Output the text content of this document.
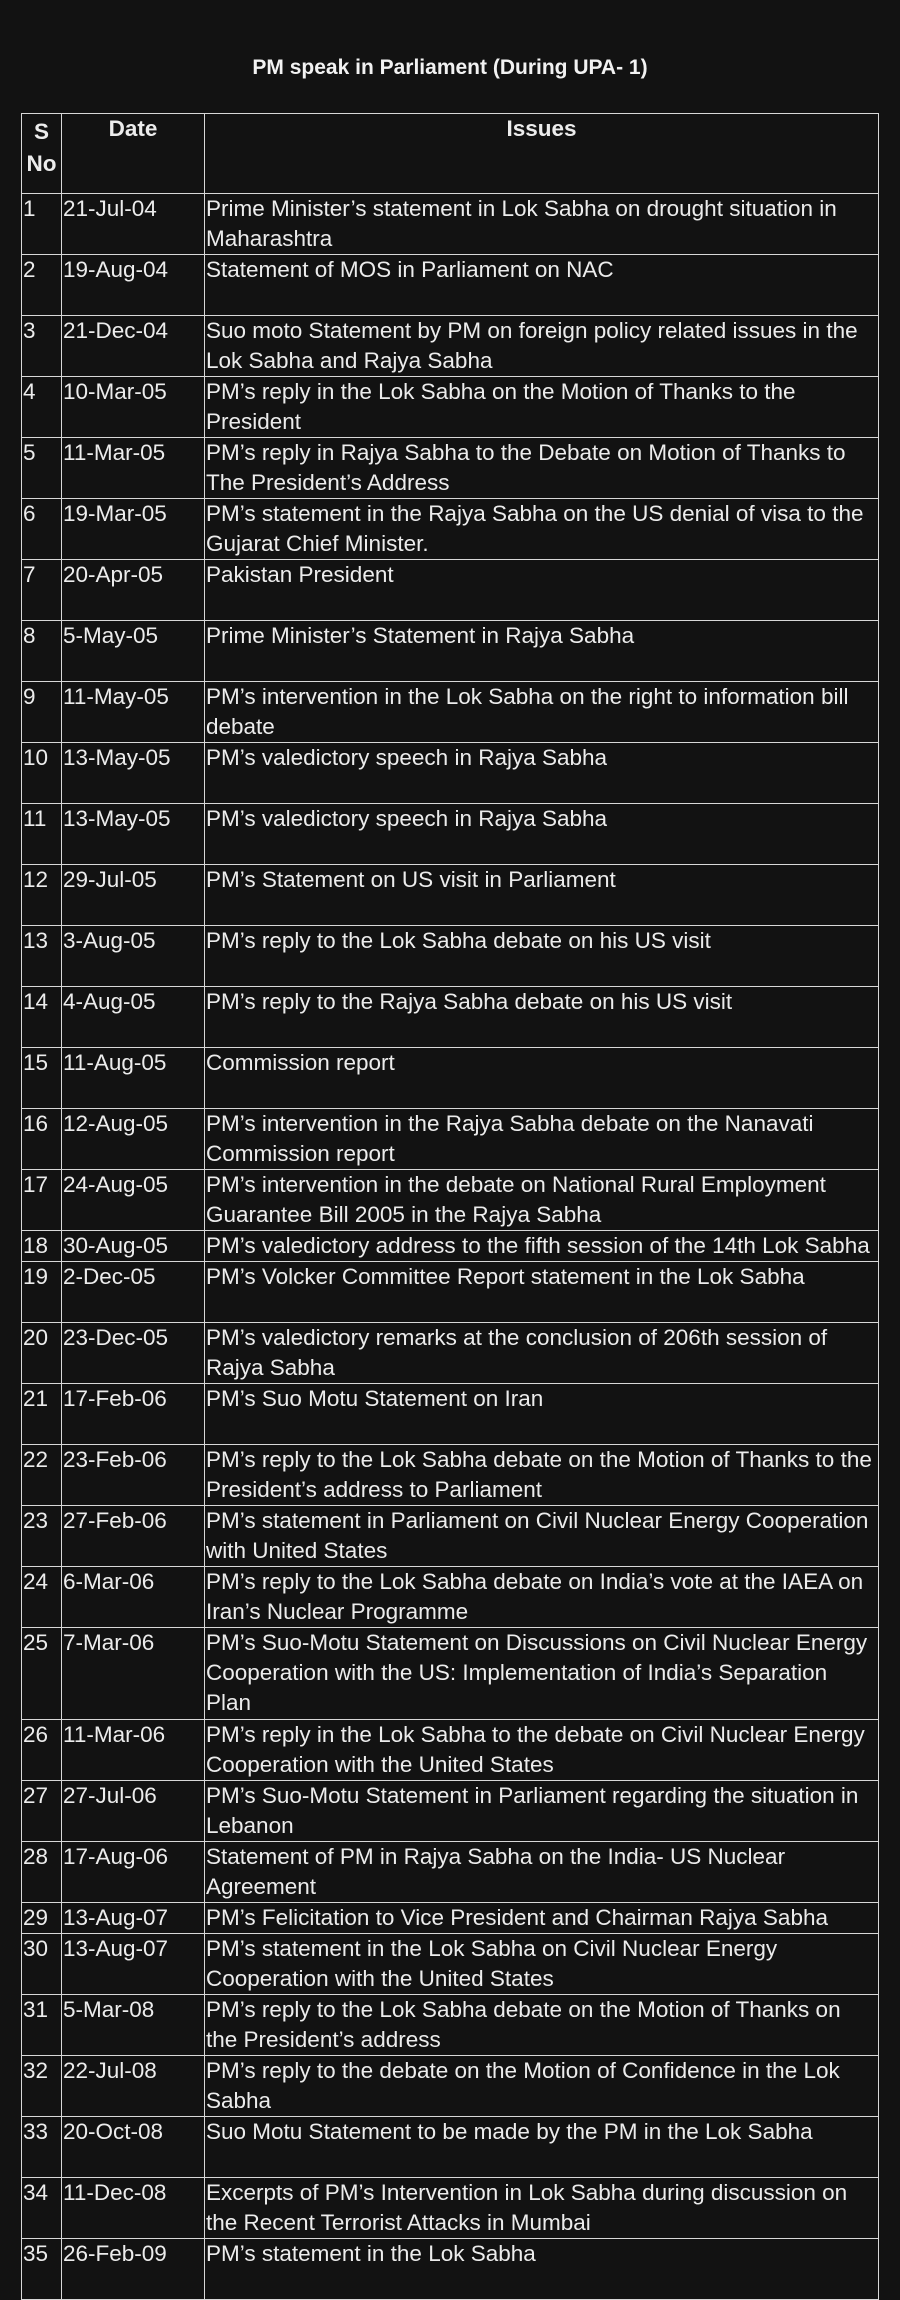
PM speak in Parliament (During UPA- 1)
S No	Date	Issues
1	21-Jul-04	Prime Minister’s statement in Lok Sabha on drought situation in Maharashtra
2	19-Aug-04	Statement of MOS in Parliament on NAC
3	21-Dec-04	Suo moto Statement by PM on foreign policy related issues in the Lok Sabha and Rajya Sabha
4	10-Mar-05	PM’s reply in the Lok Sabha on the Motion of Thanks to the President
5	11-Mar-05	PM’s reply in Rajya Sabha to the Debate on Motion of Thanks to The President’s Address
6	19-Mar-05	PM’s statement in the Rajya Sabha on the US denial of visa to the Gujarat Chief Minister.
7	20-Apr-05	Pakistan President
8	5-May-05	Prime Minister’s Statement in Rajya Sabha
9	11-May-05	PM’s intervention in the Lok Sabha on the right to information bill debate
10	13-May-05	PM’s valedictory speech in Rajya Sabha
11	13-May-05	PM’s valedictory speech in Rajya Sabha
12	29-Jul-05	PM’s Statement on US visit in Parliament
13	3-Aug-05	PM’s reply to the Lok Sabha debate on his US visit
14	4-Aug-05	PM’s reply to the Rajya Sabha debate on his US visit
15	11-Aug-05	Commission report
16	12-Aug-05	PM’s intervention in the Rajya Sabha debate on the Nanavati Commission report
17	24-Aug-05	PM’s intervention in the debate on National Rural Employment Guarantee Bill 2005 in the Rajya Sabha
18	30-Aug-05	PM’s valedictory address to the fifth session of the 14th Lok Sabha
19	2-Dec-05	PM’s Volcker Committee Report statement in the Lok Sabha
20	23-Dec-05	PM’s valedictory remarks at the conclusion of 206th session of Rajya Sabha
21	17-Feb-06	PM’s Suo Motu Statement on Iran
22	23-Feb-06	PM’s reply to the Lok Sabha debate on the Motion of Thanks to the President’s address to Parliament
23	27-Feb-06	PM’s statement in Parliament on Civil Nuclear Energy Cooperation with United States
24	6-Mar-06	PM’s reply to the Lok Sabha debate on India’s vote at the IAEA on Iran’s Nuclear Programme
25	7-Mar-06	PM’s Suo-Motu Statement on Discussions on Civil Nuclear Energy Cooperation with the US: Implementation of India’s Separation Plan
26	11-Mar-06	PM’s reply in the Lok Sabha to the debate on Civil Nuclear Energy Cooperation with the United States
27	27-Jul-06	PM’s Suo-Motu Statement in Parliament regarding the situation in Lebanon
28	17-Aug-06	Statement of PM in Rajya Sabha on the India- US Nuclear Agreement
29	13-Aug-07	PM’s Felicitation to Vice President and Chairman Rajya Sabha
30	13-Aug-07	PM’s statement in the Lok Sabha on Civil Nuclear Energy Cooperation with the United States
31	5-Mar-08	PM’s reply to the Lok Sabha debate on the Motion of Thanks on the President’s address
32	22-Jul-08	PM’s reply to the debate on the Motion of Confidence in the Lok Sabha
33	20-Oct-08	Suo Motu Statement to be made by the PM in the Lok Sabha
34	11-Dec-08	Excerpts of PM’s Intervention in Lok Sabha during discussion on the Recent Terrorist Attacks in Mumbai
35	26-Feb-09	PM’s statement in the Lok Sabha
